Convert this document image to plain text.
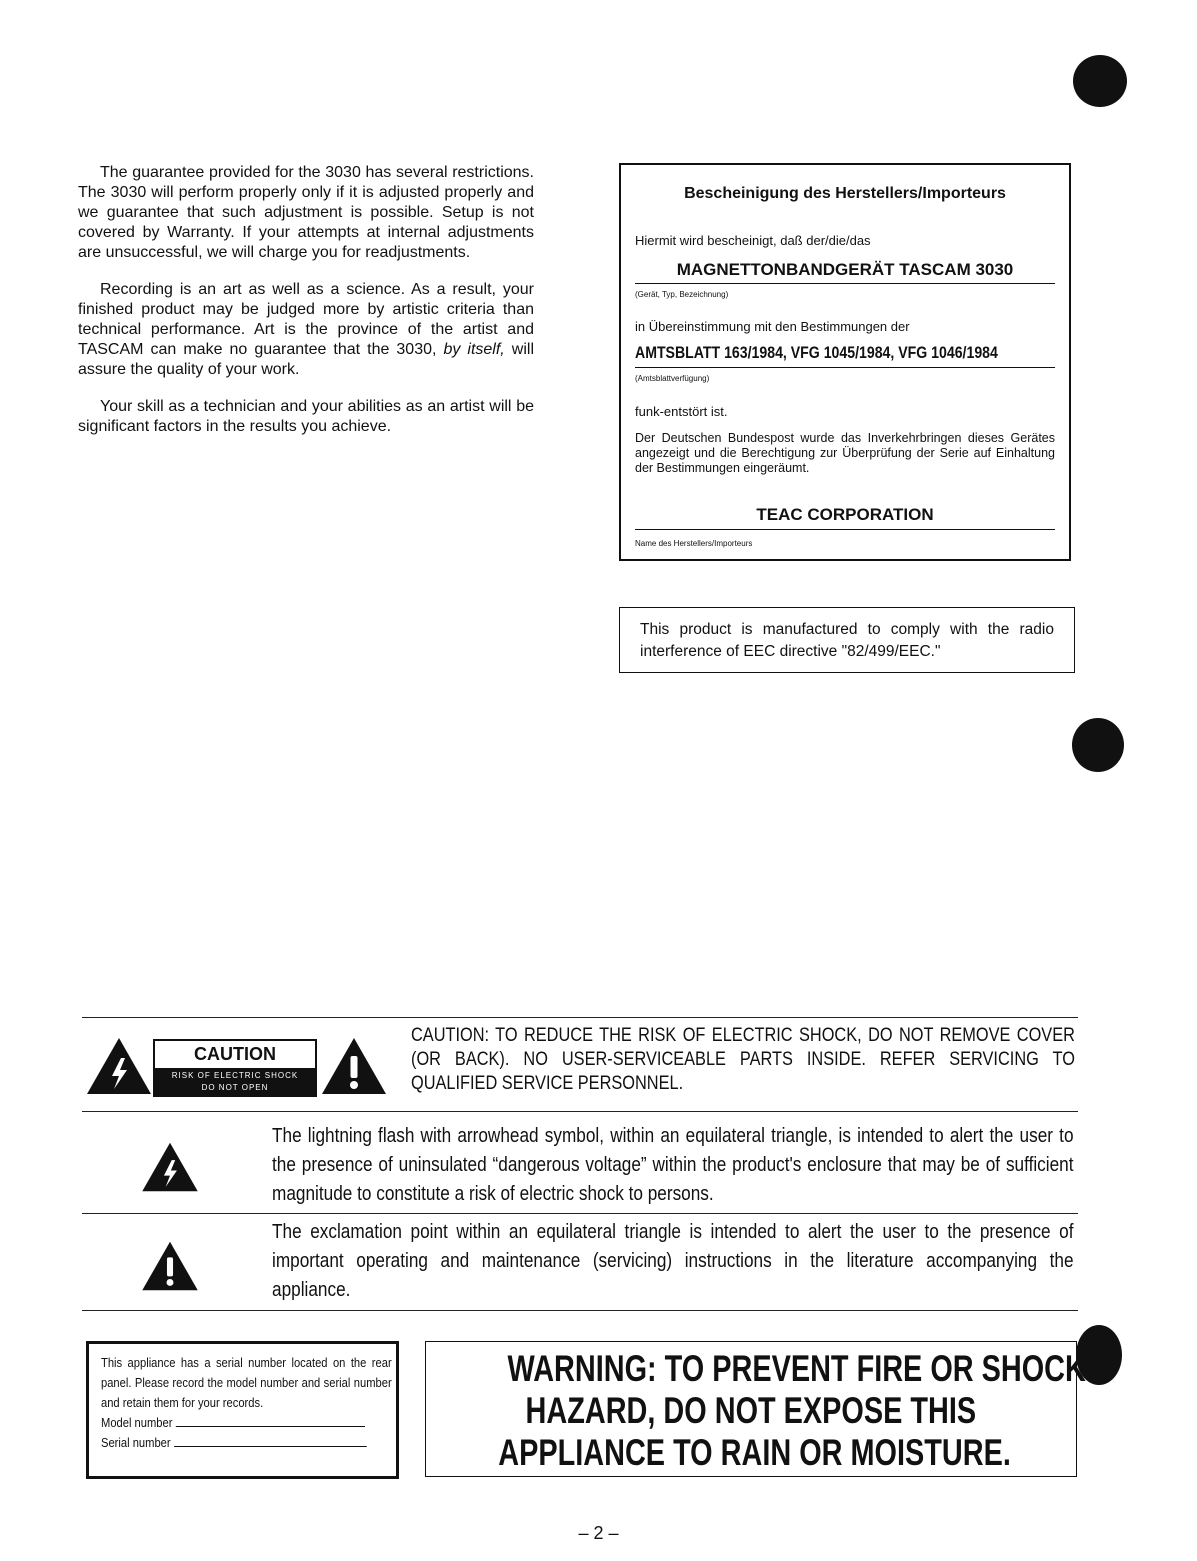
The guarantee provided for the 3030 has several restrictions. The 3030 will perform properly only if it is adjusted properly and we guarantee that such adjustment is possible. Setup is not covered by Warranty. If your attempts at internal adjustments are unsuccessful, we will charge you for readjustments.

Recording is an art as well as a science. As a result, your finished product may be judged more by artistic criteria than technical performance. Art is the province of the artist and TASCAM can make no guarantee that the 3030, by itself, will assure the quality of your work.

Your skill as a technician and your abilities as an artist will be significant factors in the results you achieve.

Bescheinigung des Herstellers/Importeurs
Hiermit wird bescheinigt, daß der/die/das
MAGNETTONBANDGERÄT TASCAM 3030
(Gerät, Typ, Bezeichnung)
in Übereinstimmung mit den Bestimmungen der
AMTSBLATT 163/1984, VFG 1045/1984, VFG 1046/1984
(Amtsblattverfügung)
funk-entstört ist.
Der Deutschen Bundespost wurde das Inverkehrbringen dieses Gerätes angezeigt und die Berechtigung zur Überprüfung der Serie auf Einhaltung der Bestimmungen eingeräumt.
TEAC CORPORATION
Name des Herstellers/Importeurs
This product is manufactured to comply with the radio interference of EEC directive "82/499/EEC."
CAUTION
RISK OF ELECTRIC SHOCK
DO NOT OPEN
CAUTION: TO REDUCE THE RISK OF ELECTRIC SHOCK, DO NOT REMOVE COVER (OR BACK). NO USER-SERVICEABLE PARTS INSIDE. REFER SERVICING TO QUALIFIED SERVICE PERSONNEL.
The lightning flash with arrowhead symbol, within an equilateral triangle, is intended to alert the user to the presence of uninsulated “dangerous voltage” within the product's enclosure that may be of sufficient magnitude to constitute a risk of electric shock to persons.
The exclamation point within an equilateral triangle is intended to alert the user to the presence of important operating and maintenance (servicing) instructions in the literature accompanying the appliance.
This appliance has a serial number located on the rear panel. Please record the model number and serial number and retain them for your records.
Model number
Serial number
WARNING: TO PREVENT FIRE OR SHOCK
HAZARD, DO NOT EXPOSE THIS
APPLIANCE TO RAIN OR MOISTURE.
– 2 –
